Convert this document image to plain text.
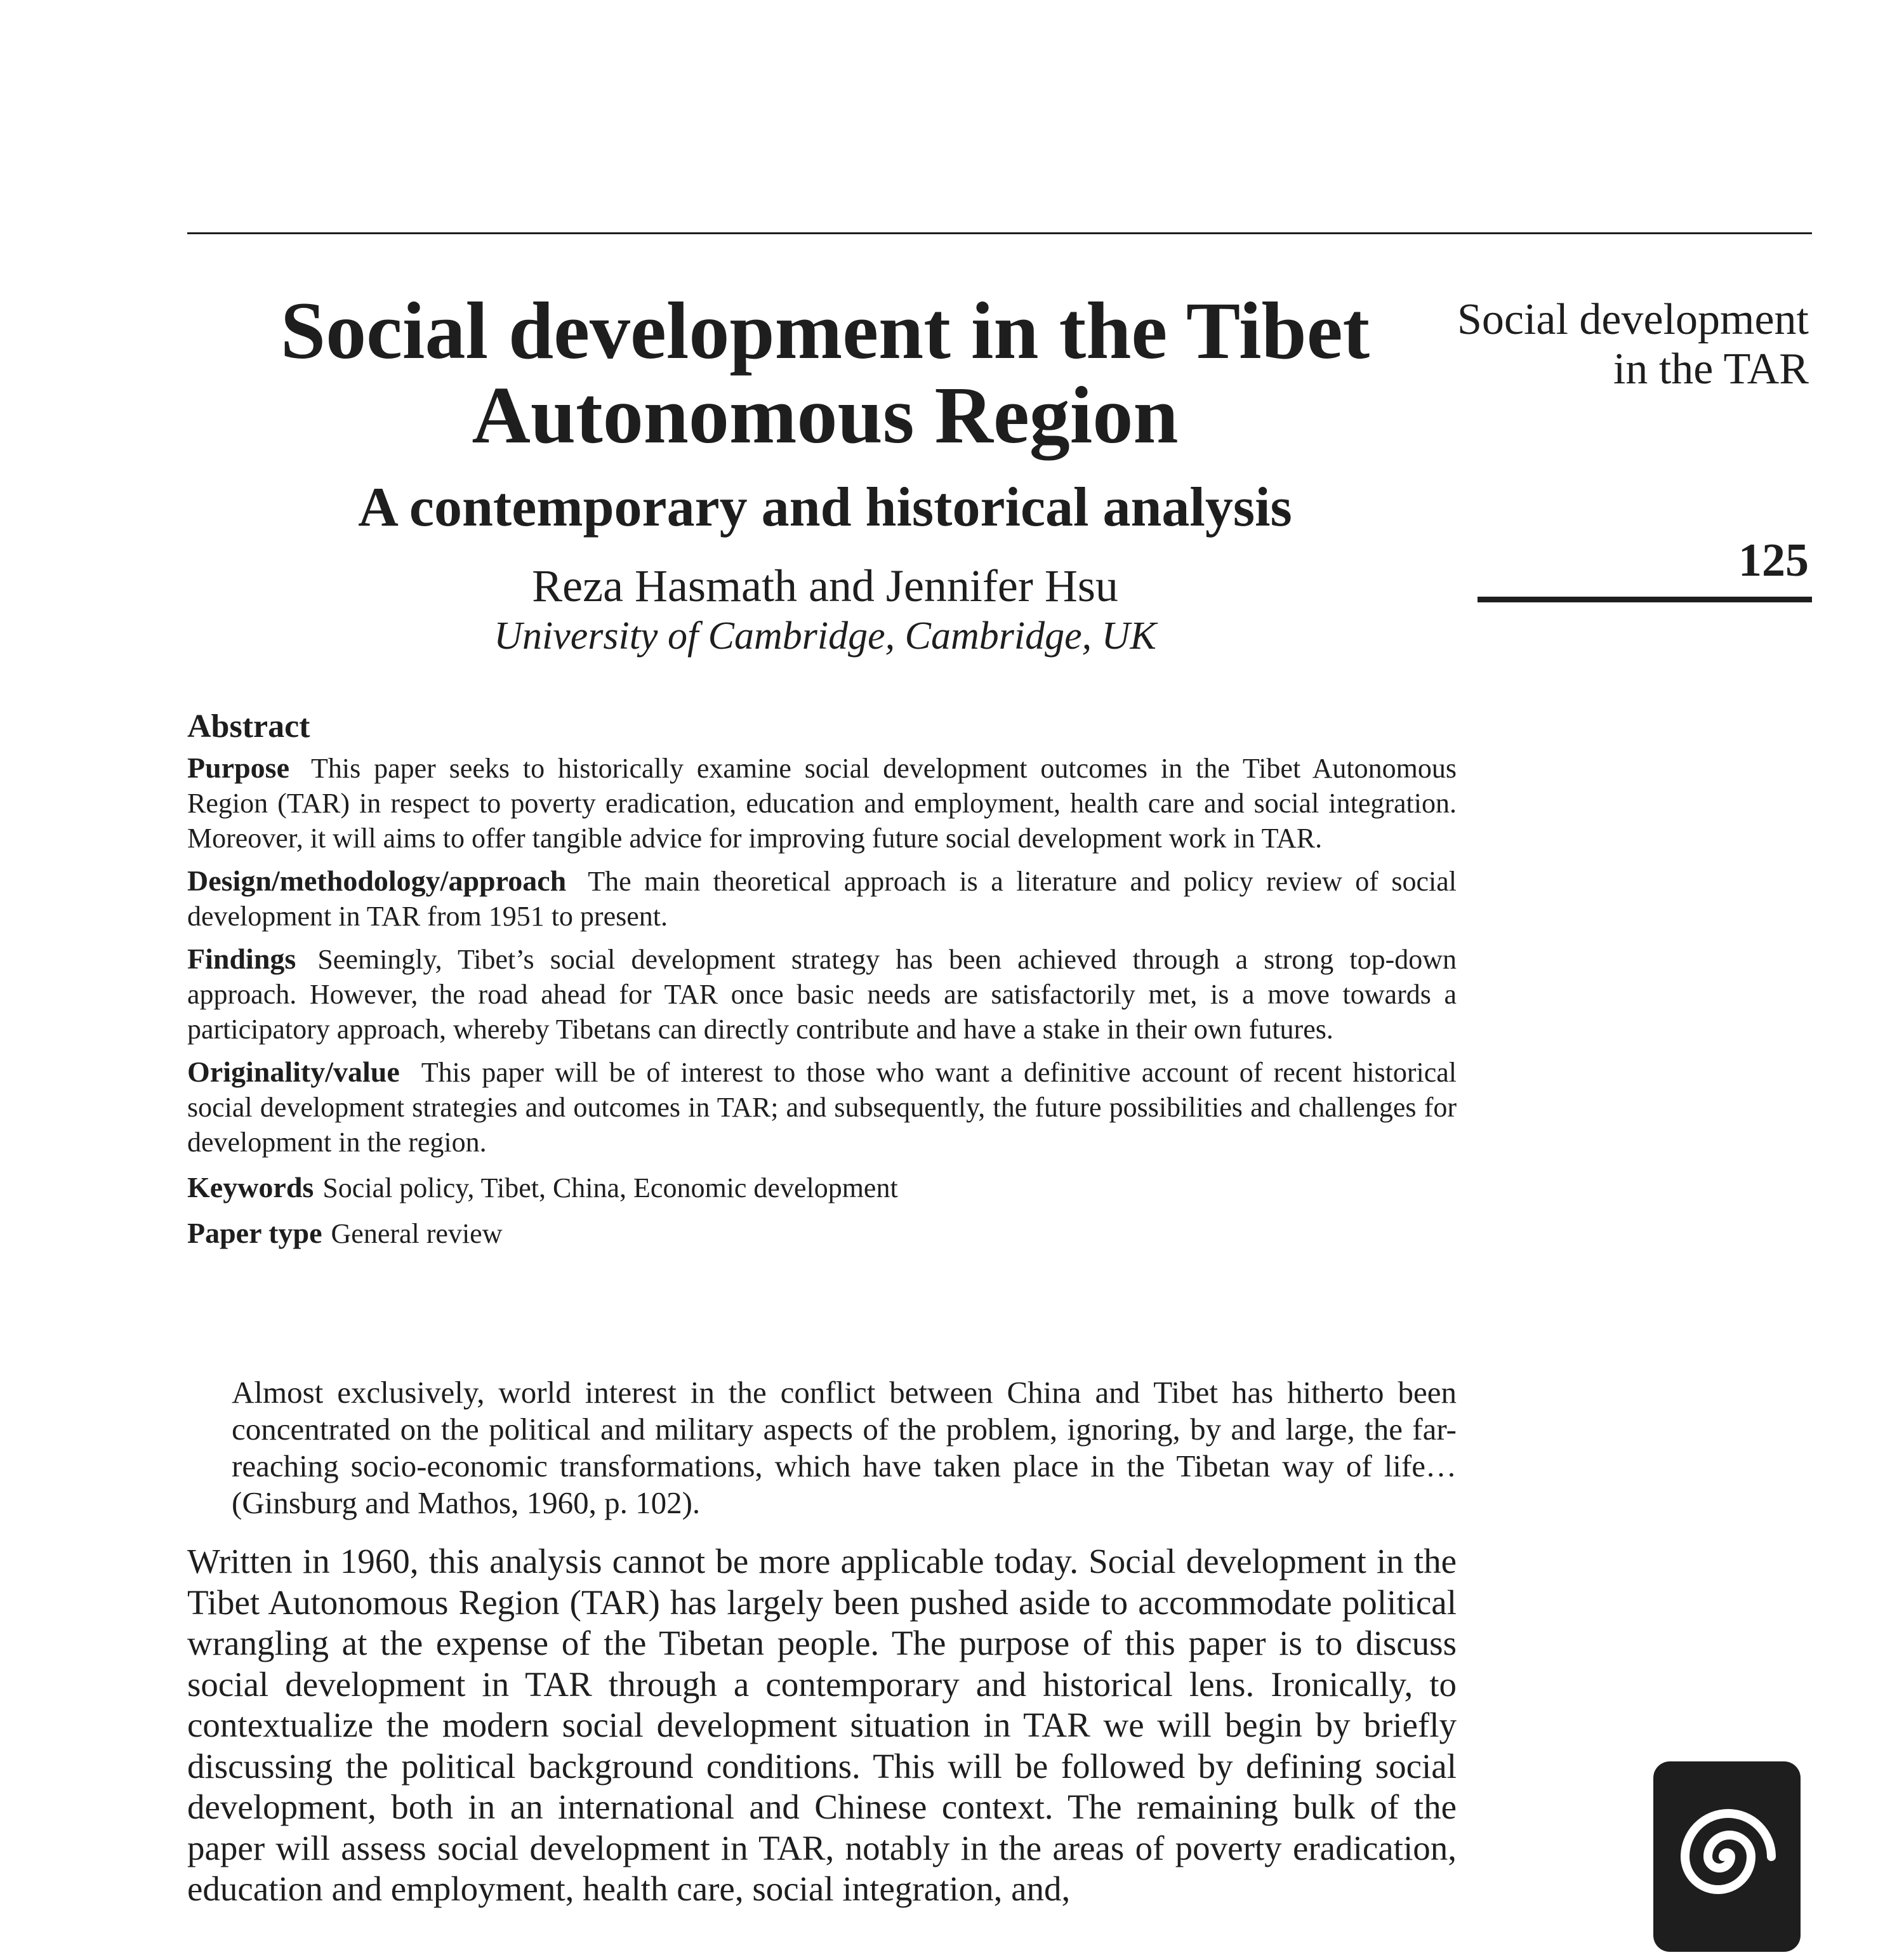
Social development in the Tibet Autonomous Region
A contemporary and historical analysis
Reza Hasmath and Jennifer Hsu
University of Cambridge, Cambridge, UK
Social development in the TAR
125
Abstract

Purpose This paper seeks to historically examine social development outcomes in the Tibet Autonomous Region (TAR) in respect to poverty eradication, education and employment, health care and social integration. Moreover, it will aims to offer tangible advice for improving future social development work in TAR.

Design/methodology/approach The main theoretical approach is a literature and policy review of social development in TAR from 1951 to present.

Findings Seemingly, Tibet’s social development strategy has been achieved through a strong top-down approach. However, the road ahead for TAR once basic needs are satisfactorily met, is a move towards a participatory approach, whereby Tibetans can directly contribute and have a stake in their own futures.

Originality/value This paper will be of interest to those who want a definitive account of recent historical social development strategies and outcomes in TAR; and subsequently, the future possibilities and challenges for development in the region.

Keywords Social policy, Tibet, China, Economic development

Paper type General review

Almost exclusively, world interest in the conflict between China and Tibet has hitherto been concentrated on the political and military aspects of the problem, ignoring, by and large, the far-reaching socio-economic transformations, which have taken place in the Tibetan way of life… (Ginsburg and Mathos, 1960, p. 102).

Written in 1960, this analysis cannot be more applicable today. Social development in the Tibet Autonomous Region (TAR) has largely been pushed aside to accommodate political wrangling at the expense of the Tibetan people. The purpose of this paper is to discuss social development in TAR through a contemporary and historical lens. Ironically, to contextualize the modern social development situation in TAR we will begin by briefly discussing the political background conditions. This will be followed by defining social development, both in an international and Chinese context. The remaining bulk of the paper will assess social development in TAR, notably in the areas of poverty eradication, education and employment, health care, social integration, and,
